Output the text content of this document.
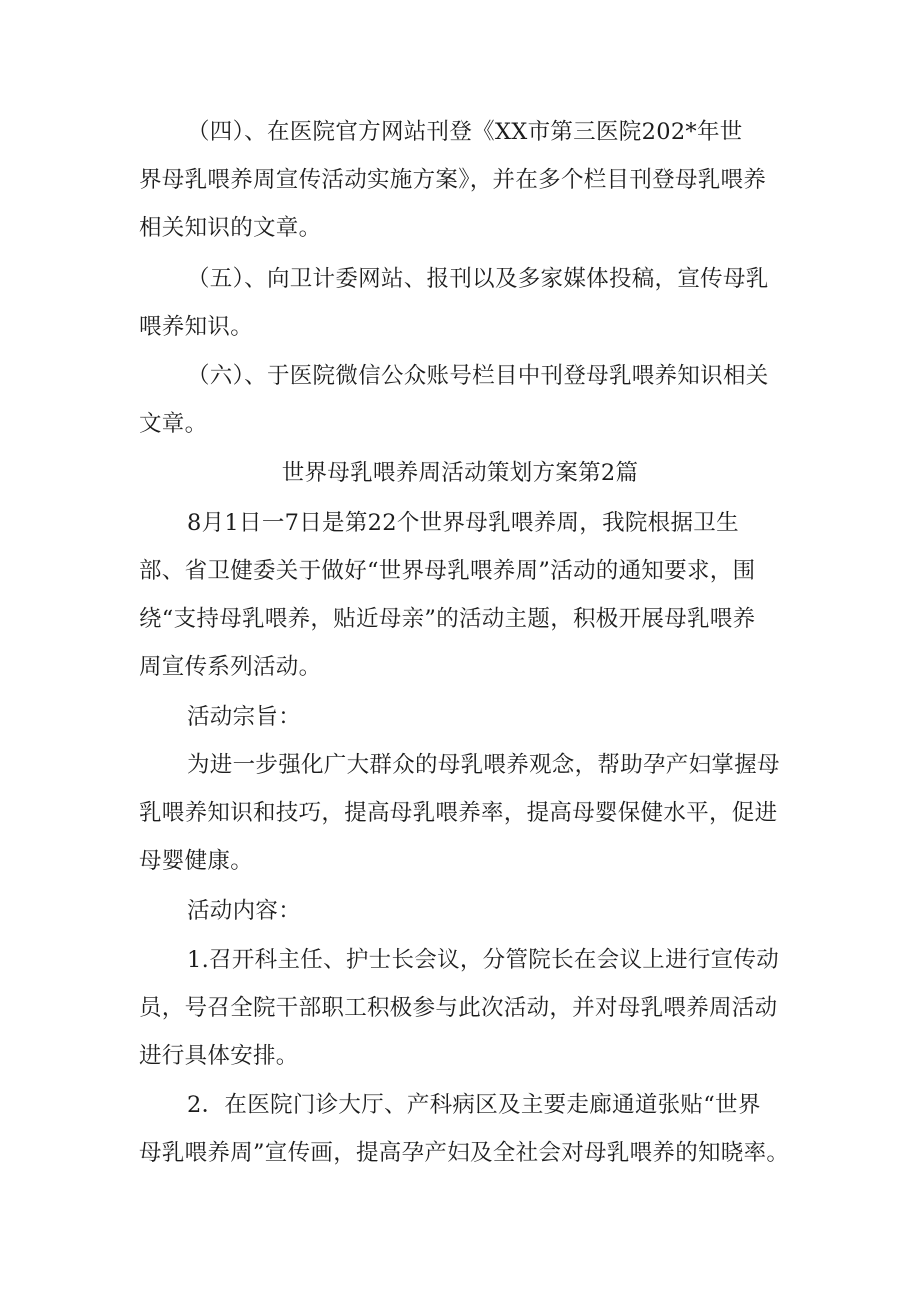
（四）、在医院官方网站刊登《XX市第三医院202*年世
界母乳喂养周宣传活动实施方案》，并在多个栏目刊登母乳喂养
相关知识的文章。
（五）、向卫计委网站、报刊以及多家媒体投稿，宣传母乳
喂养知识。
（六）、于医院微信公众账号栏目中刊登母乳喂养知识相关
文章。
世界母乳喂养周活动策划方案第2篇
8月1日一7日是第22个世界母乳喂养周，我院根据卫生
部、省卫健委关于做好“世界母乳喂养周”活动的通知要求，围
绕“支持母乳喂养，贴近母亲”的活动主题，积极开展母乳喂养
周宣传系列活动。
活动宗旨：
为进一步强化广大群众的母乳喂养观念，帮助孕产妇掌握母
乳喂养知识和技巧，提高母乳喂养率，提高母婴保健水平，促进
母婴健康。
活动内容：
1.召开科主任、护士长会议，分管院长在会议上进行宣传动
员，号召全院干部职工积极参与此次活动，并对母乳喂养周活动
进行具体安排。
2．在医院门诊大厅、产科病区及主要走廊通道张贴“世界
母乳喂养周”宣传画，提高孕产妇及全社会对母乳喂养的知晓率。
